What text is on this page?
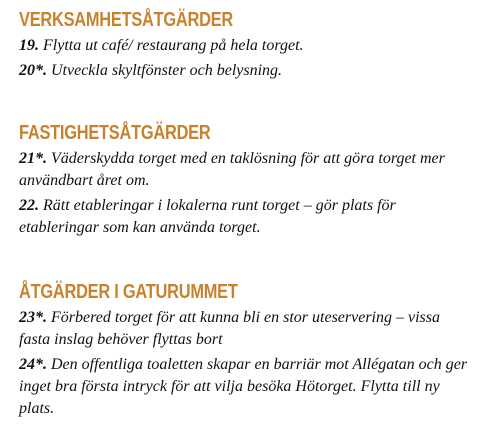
VERKSAMHETSÅTGÄRDER

19. Flytta ut café/ restaurang på hela torget.

20*. Utveckla skyltfönster och belysning.

FASTIGHETSÅTGÄRDER

21*. Väderskydda torget med en taklösning för att göra torget mer användbart året om.

22. Rätt etableringar i lokalerna runt torget – gör plats för etableringar som kan använda torget.

ÅTGÄRDER I GATURUMMET

23*. Förbered torget för att kunna bli en stor uteservering – vissa fasta inslag behöver flyttas bort

24*. Den offentliga toaletten skapar en barriär mot Allégatan och ger inget bra första intryck för att vilja besöka Hötorget. Flytta till ny plats.
